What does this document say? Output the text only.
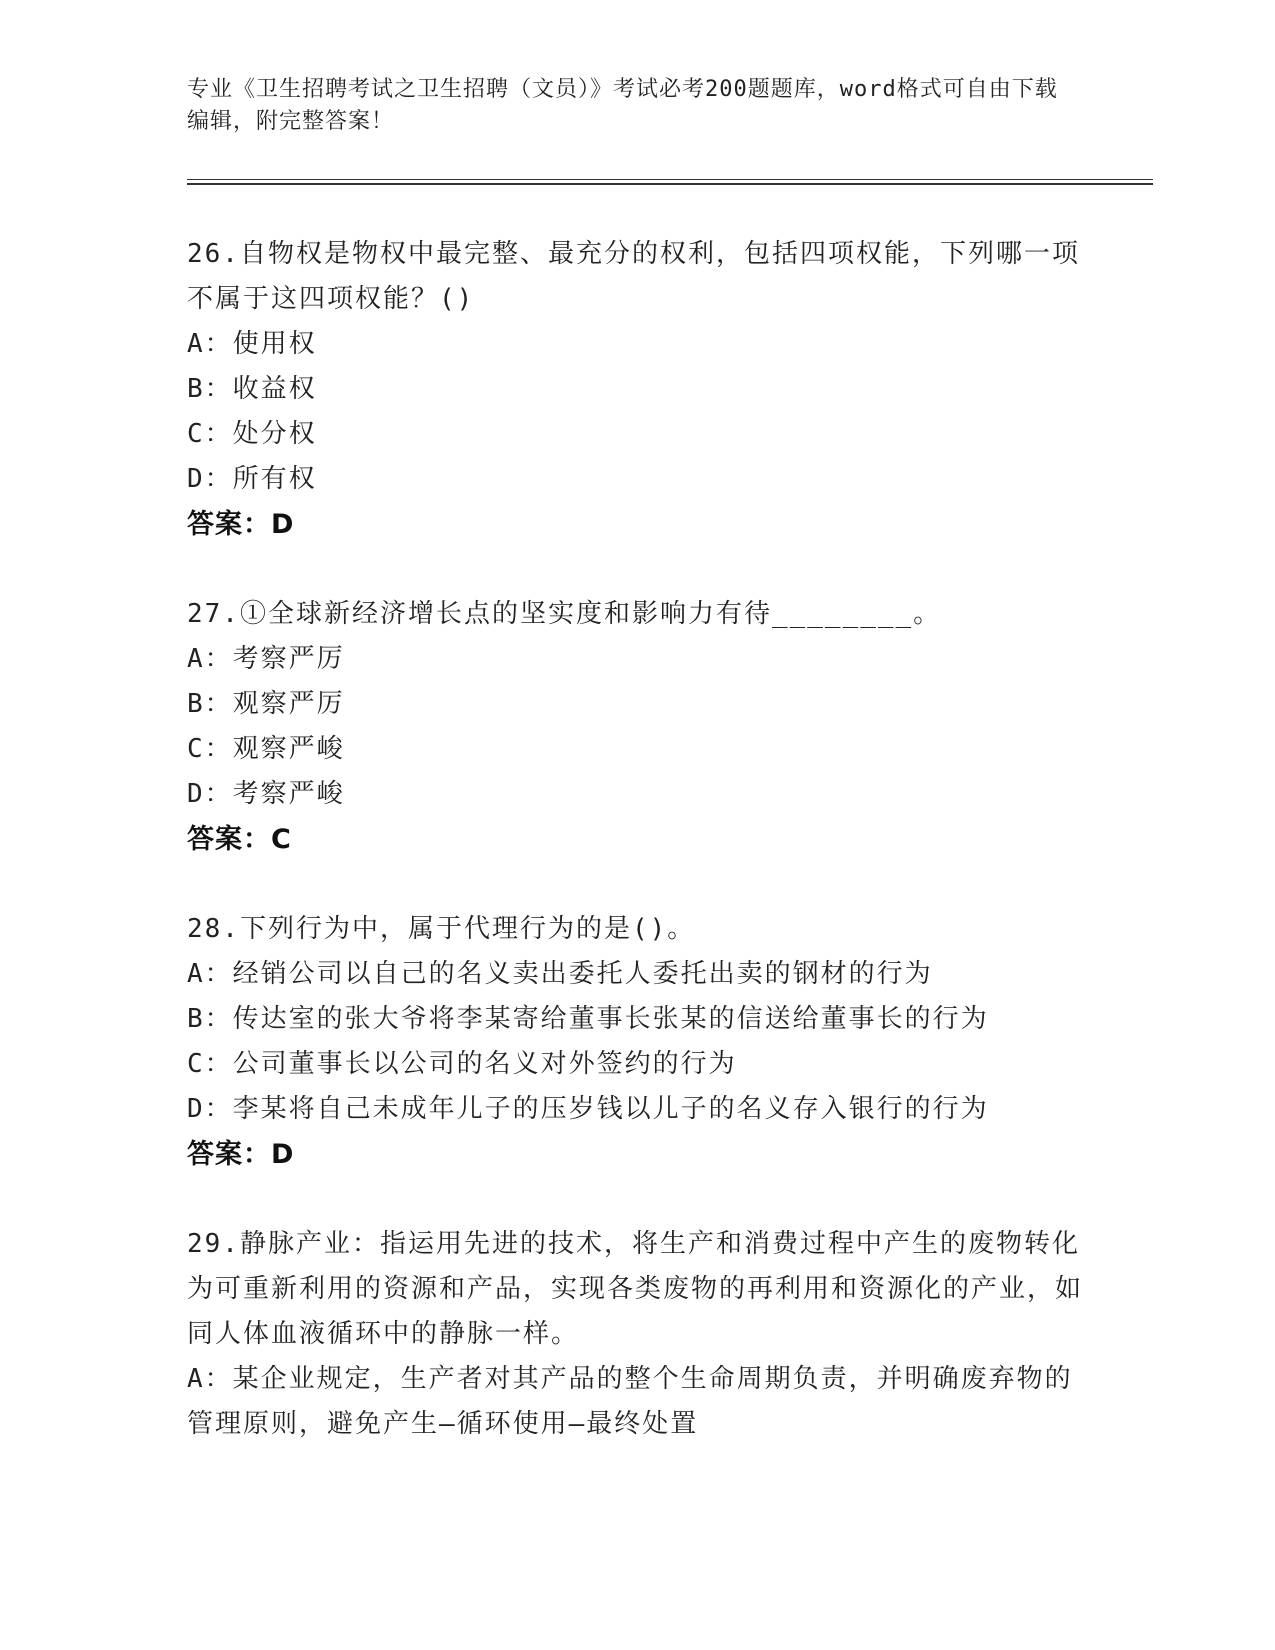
专业《卫生招聘考试之卫生招聘（文员）》考试必考200题题库，word格式可自由下载编辑，附完整答案！

26.自物权是物权中最完整、最充分的权利，包括四项权能，下列哪一项不属于这四项权能？()

A：使用权

B：收益权

C：处分权

D：所有权

答案：D

27.①全球新经济增长点的坚实度和影响力有待________。

A：考察严厉

B：观察严厉

C：观察严峻

D：考察严峻

答案：C

28.下列行为中，属于代理行为的是()。

A：经销公司以自己的名义卖出委托人委托出卖的钢材的行为

B：传达室的张大爷将李某寄给董事长张某的信送给董事长的行为

C：公司董事长以公司的名义对外签约的行为

D：李某将自己未成年儿子的压岁钱以儿子的名义存入银行的行为

答案：D

29.静脉产业：指运用先进的技术，将生产和消费过程中产生的废物转化为可重新利用的资源和产品，实现各类废物的再利用和资源化的产业，如同人体血液循环中的静脉一样。

A：某企业规定，生产者对其产品的整个生命周期负责，并明确废弃物的管理原则，避免产生—循环使用—最终处置
